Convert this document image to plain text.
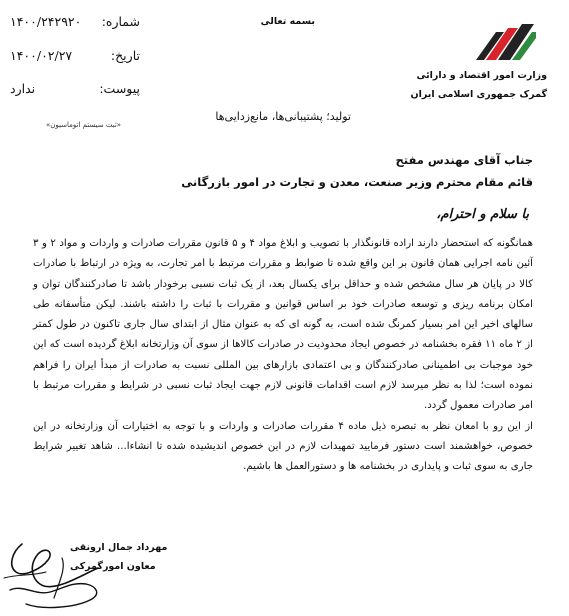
وزارت امور اقتصاد و دارائی
گمرک جمهوری اسلامی ایران
بسمه تعالی
شماره:
۱۴۰۰/۲۴۲۹۲۰
تاریخ:
۱۴۰۰/۰۲/۲۷
پیوست:
ندارد
«ثبت سیستم اتوماسیون»
تولید؛ پشتیبانی‌ها، مانع‌زدایی‌ها
جناب آقای مهندس مفتح
قائم مقام محترم وزیر صنعت، معدن و تجارت در امور بازرگانی
با سلام و احترام،

همانگونه که استحضار دارند اراده قانونگذار با تصویب و ابلاغ مواد ۴ و ۵ قانون مقررات صادرات و واردات و مواد ۲ و ۳ آئین نامه اجرایی همان قانون بر این واقع شده تا ضوابط و مقررات مرتبط با امر تجارت، به ویژه در ارتباط با صادرات کالا در پایان هر سال مشخص شده و حداقل برای یکسال بعد، از یک ثبات نسبی برخودار باشد تا صادرکنندگان توان و امکان برنامه ریزی و توسعه صادرات خود بر اساس قوانین و مقررات با ثبات را داشته باشند. لیکن متأسفانه طی سالهای اخیر این امر بسیار کمرنگ شده است، به گونه ای که به عنوان مثال از ابتدای سال جاری تاکنون در طول کمتر از ۲ ماه ۱۱ فقره بخشنامه در خصوص ایجاد محدودیت در صادرات کالاها از سوی آن وزارتخانه ابلاغ گردیده است که این خود موجبات بی اطمینانی صادرکنندگان و بی اعتمادی بازارهای بین المللی نسبت به صادرات از مبدأ ایران را فراهم نموده است؛ لذا به نظر میرسد لازم است اقدامات قانونی لازم جهت ایجاد ثبات نسبی در شرایط و مقررات مرتبط با امر صادرات معمول گردد.

از این رو با امعان نظر به تبصره ذیل ماده ۴ مقررات صادرات و واردات و با توجه به اختیارات آن وزارتخانه در این خصوص، خواهشمند است دستور فرمایید تمهیدات لازم در این خصوص اندیشیده شده تا انشاءا... شاهد تغییر شرایط جاری به سوی ثبات و پایداری در بخشنامه ها و دستورالعمل ها باشیم.

مهرداد جمال ارونقی
معاون امورگمرکی
